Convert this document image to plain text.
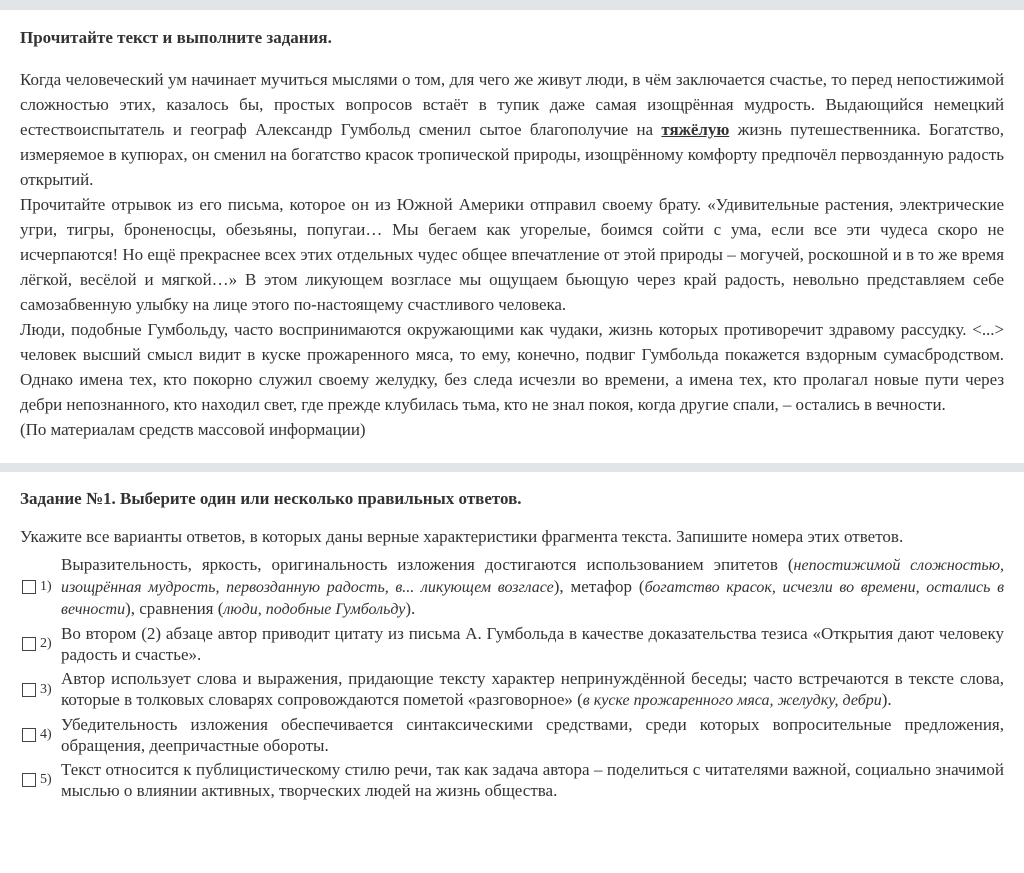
Прочитайте текст и выполните задания.

Когда человеческий ум начинает мучиться мыслями о том, для чего же живут люди, в чём заключается счастье, то перед непостижимой сложностью этих, казалось бы, простых вопросов встаёт в тупик даже самая изощрённая мудрость. Выдающийся немецкий естествоиспытатель и географ Александр Гумбольд сменил сытое благополучие на тяжёлую жизнь путешественника. Богатство, измеряемое в купюрах, он сменил на богатство красок тропической природы, изощрённому комфорту предпочёл первозданную радость открытий.

Прочитайте отрывок из его письма, которое он из Южной Америки отправил своему брату. «Удивительные растения, электрические угри, тигры, броненосцы, обезьяны, попугаи… Мы бегаем как угорелые, боимся сойти с ума, если все эти чудеса скоро не исчерпаются! Но ещё прекраснее всех этих отдельных чудес общее впечатление от этой природы – могучей, роскошной и в то же время лёгкой, весёлой и мягкой…» В этом ликующем возгласе мы ощущаем бьющую через край радость, невольно представляем себе самозабвенную улыбку на лице этого по-настоящему счастливого человека.

Люди, подобные Гумбольду, часто воспринимаются окружающими как чудаки, жизнь которых противоречит здравому рассудку. <...> человек высший смысл видит в куске прожаренного мяса, то ему, конечно, подвиг Гумбольда покажется вздорным сумасбродством. Однако имена тех, кто покорно служил своему желудку, без следа исчезли во времени, а имена тех, кто пролагал новые пути через дебри непознанного, кто находил свет, где прежде клубилась тьма, кто не знал покоя, когда другие спали, – остались в вечности.

(По материалам средств массовой информации)

Задание №1. Выберите один или несколько правильных ответов.

Укажите все варианты ответов, в которых даны верные характеристики фрагмента текста. Запишите номера этих ответов.

1)
Выразительность, яркость, оригинальность изложения достигаются использованием эпитетов (непостижимой сложностью, изощрённая мудрость, первозданную радость, в... ликующем возгласе), метафор (богатство красок, исчезли во времени, остались в вечности), сравнения (люди, подобные Гумбольду).
2)
Во втором (2) абзаце автор приводит цитату из письма А. Гумбольда в качестве доказательства тезиса «Открытия дают человеку радость и счастье».
3)
Автор использует слова и выражения, придающие тексту характер непринуждённой беседы; часто встречаются в тексте слова, которые в толковых словарях сопровождаются пометой «разговорное» (в куске прожаренного мяса, желудку, дебри).
4)
Убедительность изложения обеспечивается синтаксическими средствами, среди которых вопросительные предложения, обращения, деепричастные обороты.
5)
Текст относится к публицистическому стилю речи, так как задача автора – поделиться с читателями важной, социально значимой мыслью о влиянии активных, творческих людей на жизнь общества.
